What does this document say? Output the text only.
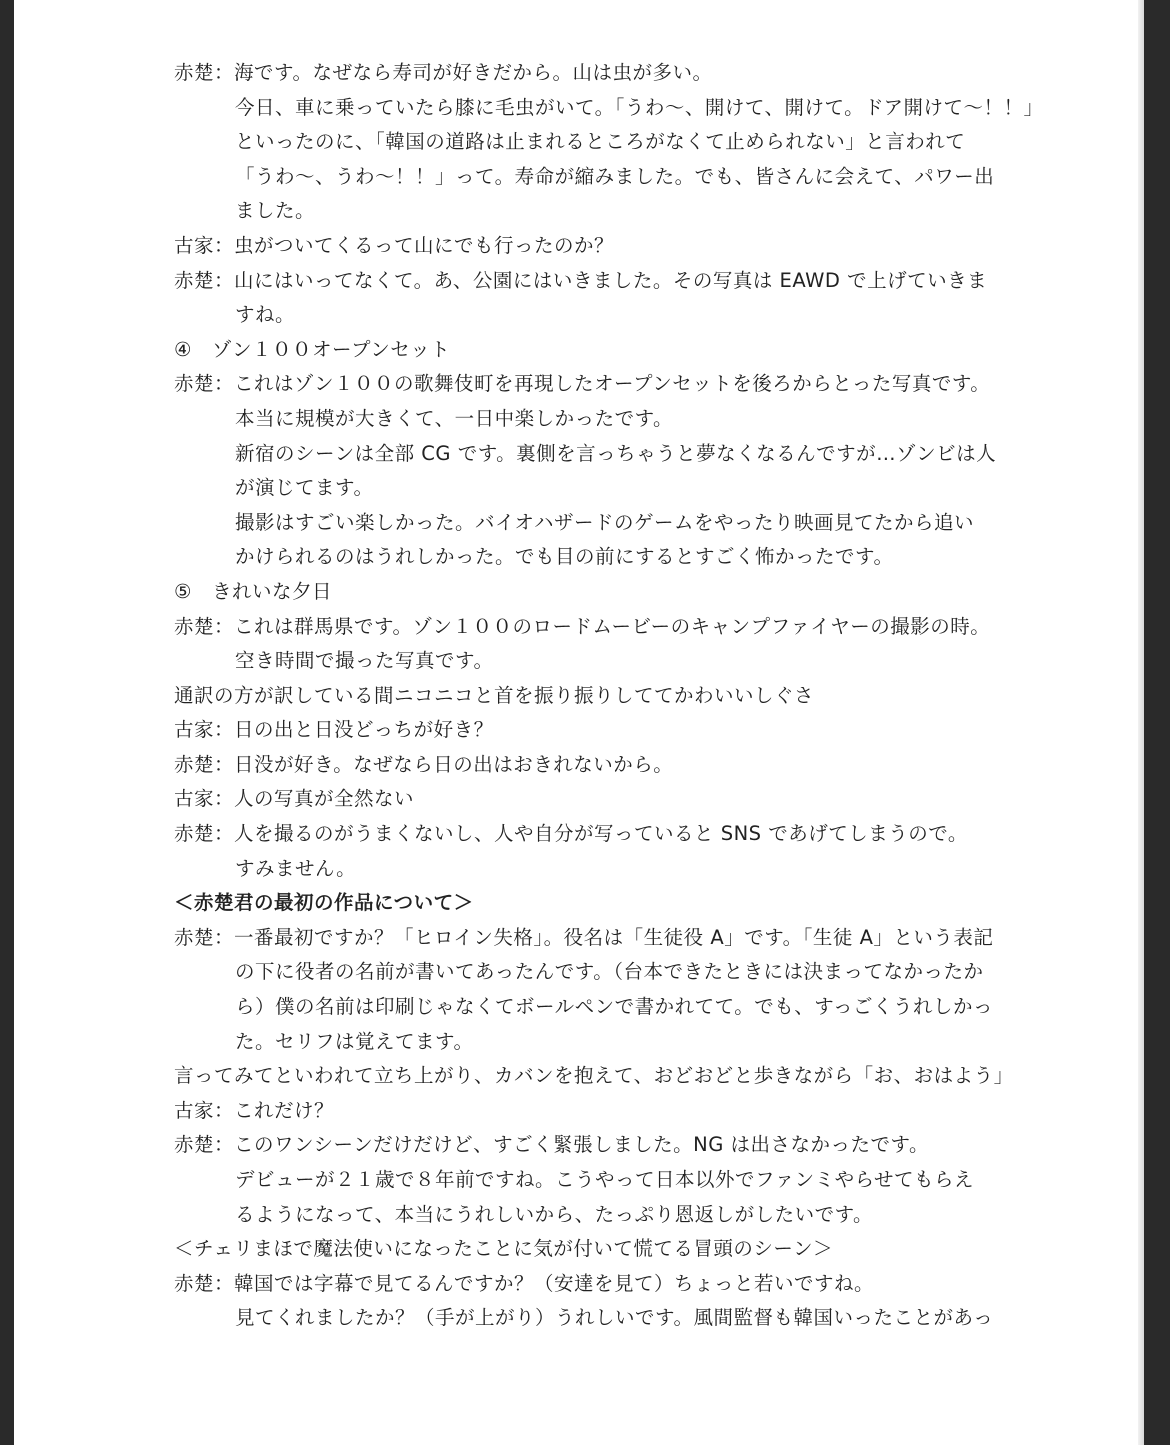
赤楚：海です。なぜなら寿司が好きだから。山は虫が多い。
今日、車に乗っていたら膝に毛虫がいて。「うわ〜、開けて、開けて。ドア開けて〜！！」
といったのに、「韓国の道路は止まれるところがなくて止められない」と言われて
「うわ〜、うわ〜！！」って。寿命が縮みました。でも、皆さんに会えて、パワー出
ました。
古家：虫がついてくるって山にでも行ったのか？
赤楚：山にはいってなくて。あ、公園にはいきました。その写真は EAWD で上げていきま
すね。
④　ゾン１００オープンセット
赤楚：これはゾン１００の歌舞伎町を再現したオープンセットを後ろからとった写真です。
本当に規模が大きくて、一日中楽しかったです。
新宿のシーンは全部 CG です。裏側を言っちゃうと夢なくなるんですが…ゾンビは人
が演じてます。
撮影はすごい楽しかった。バイオハザードのゲームをやったり映画見てたから追い
かけられるのはうれしかった。でも目の前にするとすごく怖かったです。
⑤　きれいな夕日
赤楚：これは群馬県です。ゾン１００のロードムービーのキャンプファイヤーの撮影の時。
空き時間で撮った写真です。
通訳の方が訳している間ニコニコと首を振り振りしててかわいいしぐさ
古家：日の出と日没どっちが好き？
赤楚：日没が好き。なぜなら日の出はおきれないから。
古家：人の写真が全然ない
赤楚：人を撮るのがうまくないし、人や自分が写っていると SNS であげてしまうので。
すみません。
＜赤楚君の最初の作品について＞
赤楚：一番最初ですか？「ヒロイン失格」。役名は「生徒役 A」です。「生徒 A」という表記
の下に役者の名前が書いてあったんです。（台本できたときには決まってなかったか
ら）僕の名前は印刷じゃなくてボールペンで書かれてて。でも、すっごくうれしかっ
た。セリフは覚えてます。
言ってみてといわれて立ち上がり、カバンを抱えて、おどおどと歩きながら「お、おはよう」
古家：これだけ？
赤楚：このワンシーンだけだけど、すごく緊張しました。NG は出さなかったです。
デビューが２１歳で８年前ですね。こうやって日本以外でファンミやらせてもらえ
るようになって、本当にうれしいから、たっぷり恩返しがしたいです。
＜チェリまほで魔法使いになったことに気が付いて慌てる冒頭のシーン＞
赤楚：韓国では字幕で見てるんですか？（安達を見て）ちょっと若いですね。
見てくれましたか？（手が上がり）うれしいです。風間監督も韓国いったことがあっ
